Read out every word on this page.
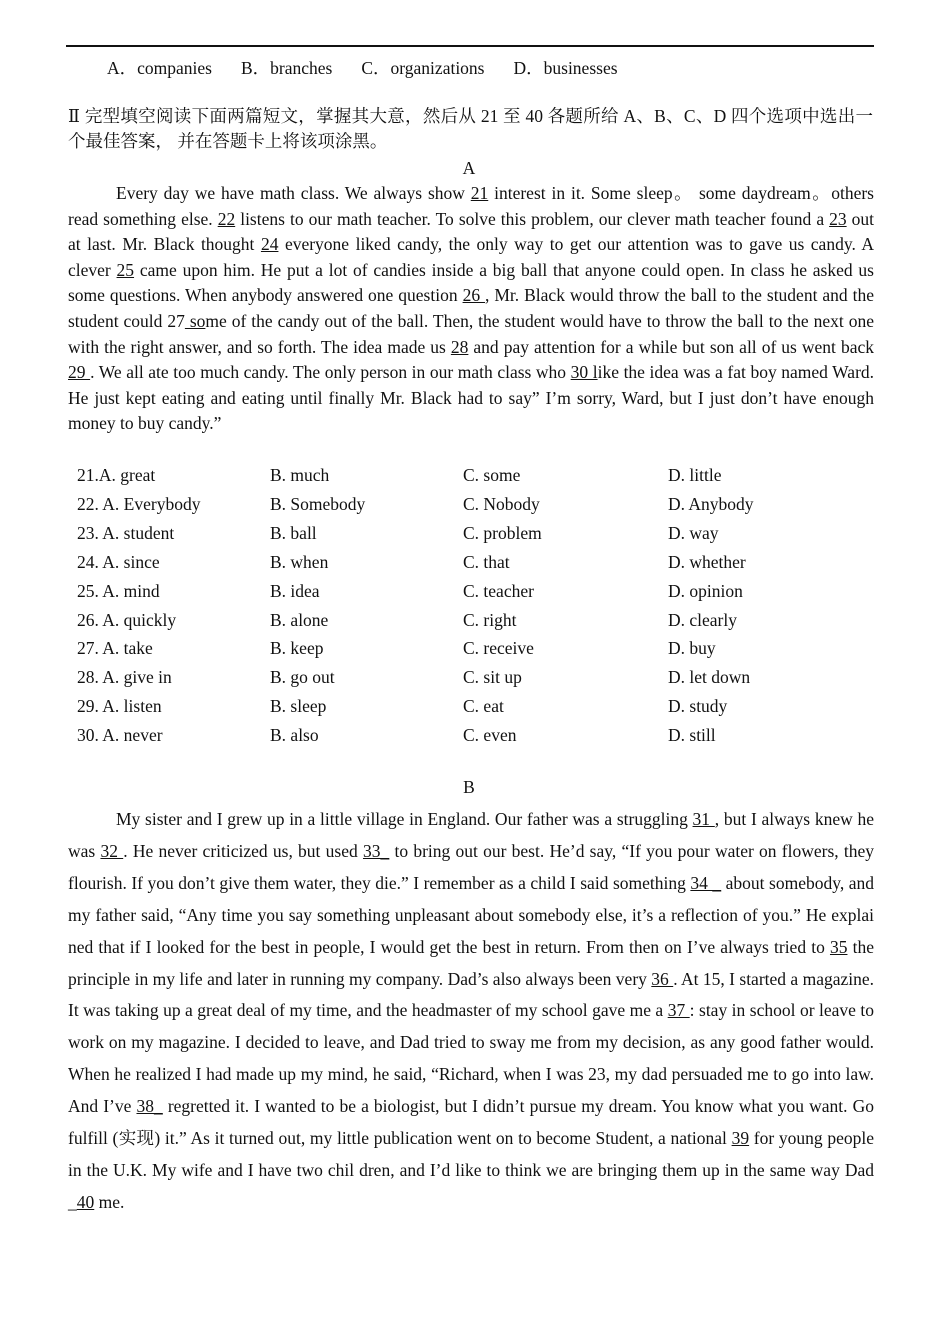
A．companies B．branches C．organizations D．businesses
Ⅱ 完型填空阅读下面两篇短文，掌握其大意，然后从 21 至 40 各题所给 A、B、C、D 四个选项中选出一个最佳答案， 并在答题卡上将该项涂黑。
A

Every day we have math class. We always show 21 interest in it. Some sleep。 some daydream。others read something else. 22 listens to our math teacher. To solve this problem, our clever math teacher found a 23 out at last. Mr. Black thought 24 everyone liked candy, the only way to get our attention was to gave us candy. A clever 25 came upon him. He put a lot of candies inside a big ball that anyone could open. In class he asked us some questions. When anybody answered one question 26 , Mr. Black would throw the ball to the student and the student could 27 some of the candy out of the ball. Then, the student would have to throw the ball to the next one with the right answer, and so forth. The idea made us 28 and pay attention for a while but son all of us went back 29 . We all ate too much candy. The only person in our math class who 30 like the idea was a fat boy named Ward. He just kept eating and eating until finally Mr. Black had to say” I’m sorry, Ward, but I just don’t have enough money to buy candy.”

21.A. great	B. much	C. some	D. little
22. A. Everybody	B. Somebody	C. Nobody	D. Anybody
23. A. student	B. ball	C. problem	D. way
24. A. since	B. when	C. that	D. whether
25. A. mind	B. idea	C. teacher	D. opinion
26. A. quickly	B. alone	C. right	D. clearly
27. A. take	B. keep	C. receive	D. buy
28. A. give in	B. go out	C. sit up	D. let down
29. A. listen	B. sleep	C. eat	D. study
30. A. never	B. also	C. even	D. still
B

My sister and I grew up in a little village in England. Our father was a struggling 31 , but I always knew he was 32 . He never criticized us, but used 33_ to bring out our best. He’d say, “If you pour water on flowers, they flourish. If you don’t give them water, they die.” I remember as a child I said something 34 _ about somebody, and my father said, “Any time you say something unpleasant about somebody else, it’s a reflection of you.” He explai ned that if I looked for the best in people, I would get the best in return. From then on I’ve always tried to 35 the principle in my life and later in running my company. Dad’s also always been very 36 . At 15, I started a magazine. It was taking up a great deal of my time, and the headmaster of my school gave me a 37 : stay in school or leave to work on my magazine. I decided to leave, and Dad tried to sway me from my decision, as any good father would. When he realized I had made up my mind, he said, “Richard, when I was 23, my dad persuaded me to go into law. And I’ve 38_ regretted it. I wanted to be a biologist, but I didn’t pursue my dream. You know what you want. Go fulfill (实现) it.” As it turned out, my little publication went on to become Student, a national 39 for young people in the U.K. My wife and I have two chil dren, and I’d like to think we are bringing them up in the same way Dad _40 me.
